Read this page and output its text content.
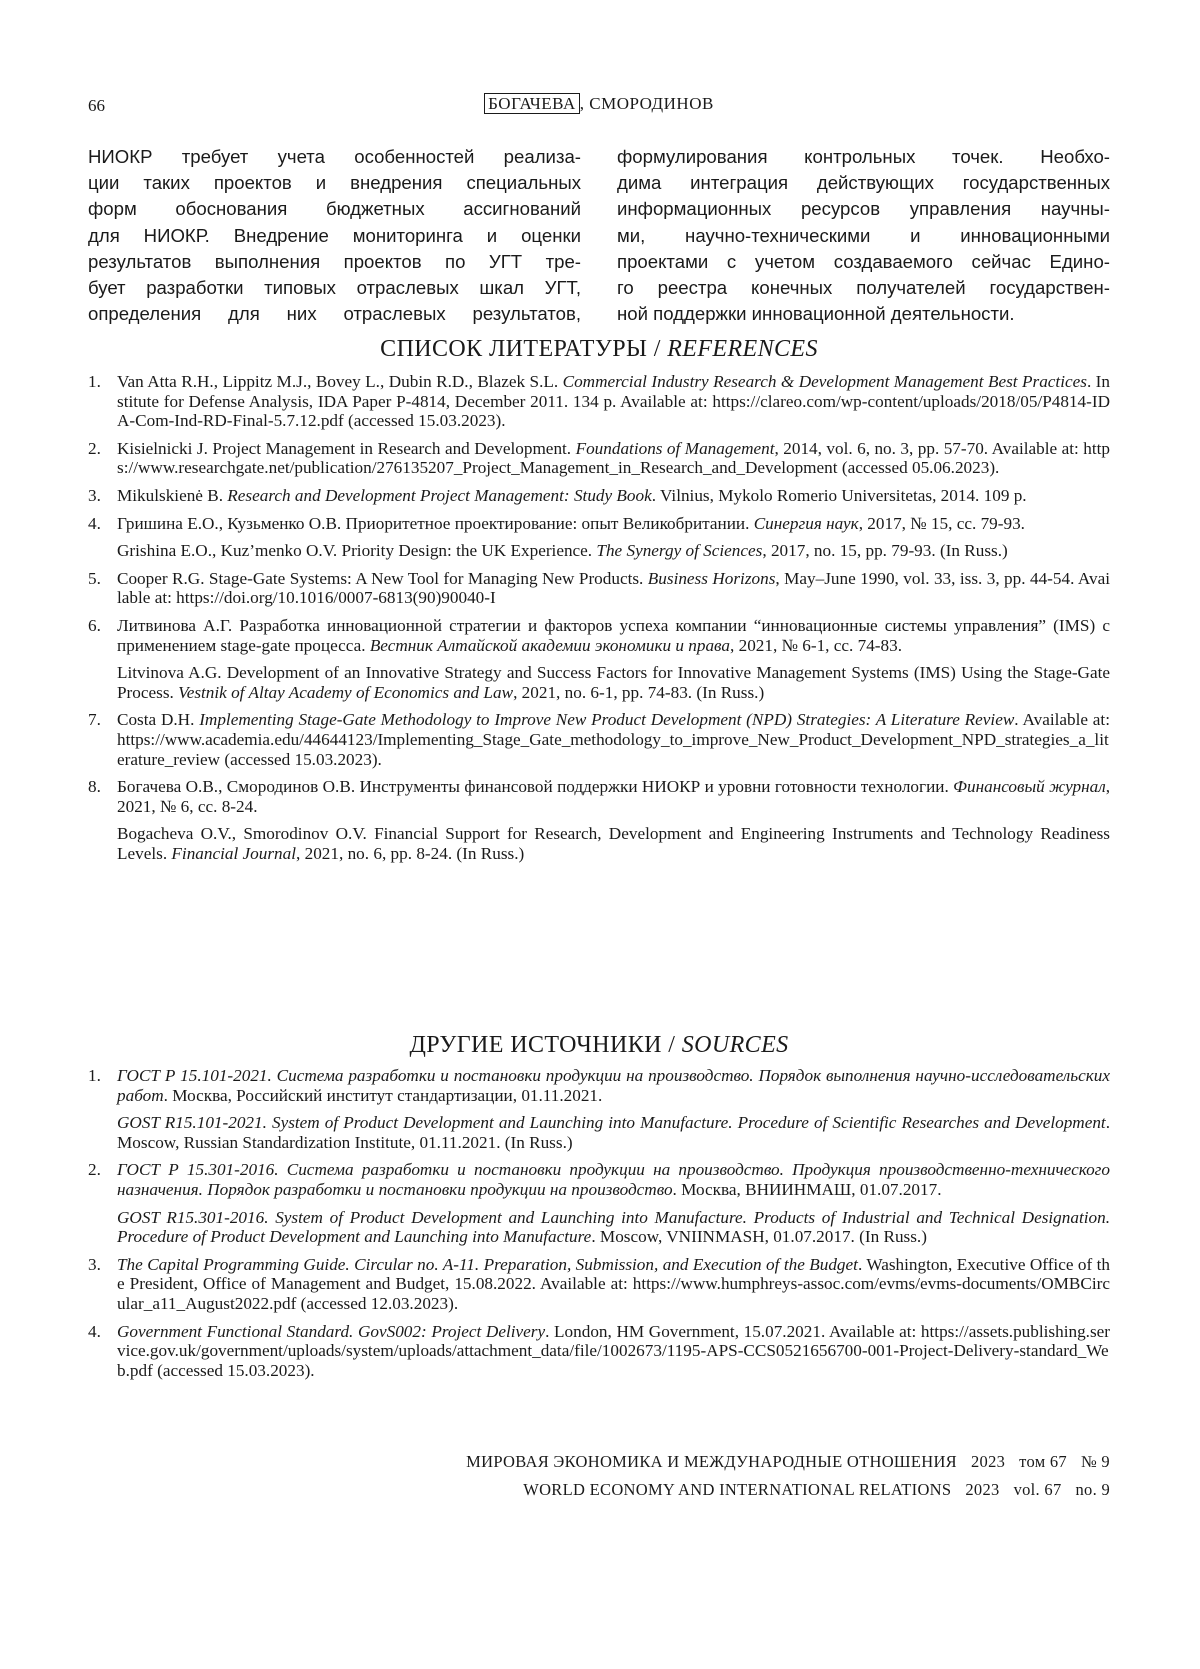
66	БОГАЧЕВА , СМОРОДИНОВ
НИОКР требует учета особенностей реализа-
ции таких проектов и внедрения специальных
форм обоснования бюджетных ассигнований
для НИОКР. Внедрение мониторинга и оценки
результатов выполнения проектов по УГТ тре-
бует разработки типовых отраслевых шкал УГТ,
определения для них отраслевых результатов,
формулирования контрольных точек. Необхо-
дима интеграция действующих государственных
информационных ресурсов управления научны-
ми, научно-техническими и инновационными
проектами с учетом создаваемого сейчас Едино-
го реестра конечных получателей государствен-
ной поддержки инновационной деятельности.
СПИСОК ЛИТЕРАТУРЫ / REFERENCES
1. Van Atta R.H., Lippitz M.J., Bovey L., Dubin R.D., Blazek S.L. Commercial Industry Research & Development Management Best Practices. Institute for Defense Analysis, IDA Paper P-4814, December 2011. 134 p. Available at: https://clareo.com/wp-content/uploads/2018/05/P4814-IDA-Com-Ind-RD-Final-5.7.12.pdf (accessed 15.03.2023).
2. Kisielnicki J. Project Management in Research and Development. Foundations of Management, 2014, vol. 6, no. 3, pp. 57-70. Available at: https://www.researchgate.net/publication/276135207_Project_Management_in_Research_and_Development (accessed 05.06.2023).
3. Mikulskienė B. Research and Development Project Management: Study Book. Vilnius, Mykolo Romerio Universitetas, 2014. 109 p.
4. Гришина Е.О., Кузьменко О.В. Приоритетное проектирование: опыт Великобритании. Синергия наук, 2017, № 15, сс. 79-93.
Grishina E.O., Kuz’menko O.V. Priority Design: the UK Experience. The Synergy of Sciences, 2017, no. 15, pp. 79-93. (In Russ.)
5. Cooper R.G. Stage-Gate Systems: A New Tool for Managing New Products. Business Horizons, May–June 1990, vol. 33, iss. 3, pp. 44-54. Available at: https://doi.org/10.1016/0007-6813(90)90040-I
6. Литвинова А.Г. Разработка инновационной стратегии и факторов успеха компании “инновационные системы управления” (IMS) с применением stage-gate процесса. Вестник Алтайской академии экономики и права, 2021, № 6-1, сс. 74-83.
Litvinova A.G. Development of an Innovative Strategy and Success Factors for Innovative Management Systems (IMS) Using the Stage-Gate Process. Vestnik of Altay Academy of Economics and Law, 2021, no. 6-1, pp. 74-83. (In Russ.)
7. Costa D.H. Implementing Stage-Gate Methodology to Improve New Product Development (NPD) Strategies: A Literature Review. Available at: https://www.academia.edu/44644123/Implementing_Stage_Gate_methodology_to_improve_New_Product_Development_NPD_strategies_a_literature_review (accessed 15.03.2023).
8. Богачева О.В., Смородинов О.В. Инструменты финансовой поддержки НИОКР и уровни готовности технологии. Финансовый журнал, 2021, № 6, сс. 8-24.
Bogacheva O.V., Smorodinov O.V. Financial Support for Research, Development and Engineering Instruments and Technology Readiness Levels. Financial Journal, 2021, no. 6, pp. 8-24. (In Russ.)
ДРУГИЕ ИСТОЧНИКИ / SOURCES
1. ГОСТ Р 15.101-2021. Система разработки и постановки продукции на производство. Порядок выполнения научно-исследовательских работ. Москва, Российский институт стандартизации, 01.11.2021.
GOST R15.101-2021. System of Product Development and Launching into Manufacture. Procedure of Scientific Researches and Development. Moscow, Russian Standardization Institute, 01.11.2021. (In Russ.)
2. ГОСТ Р 15.301-2016. Система разработки и постановки продукции на производство. Продукция производственно-технического назначения. Порядок разработки и постановки продукции на производство. Москва, ВНИИНМАШ, 01.07.2017.
GOST R15.301-2016. System of Product Development and Launching into Manufacture. Products of Industrial and Technical Designation. Procedure of Product Development and Launching into Manufacture. Moscow, VNIINMASH, 01.07.2017. (In Russ.)
3. The Capital Programming Guide. Circular no. A-11. Preparation, Submission, and Execution of the Budget. Washington, Executive Office of the President, Office of Management and Budget, 15.08.2022. Available at: https://www.humphreys-assoc.com/evms/evms-documents/OMBCircular_a11_August2022.pdf (accessed 12.03.2023).
4. Government Functional Standard. GovS002: Project Delivery. London, HM Government, 15.07.2021. Available at: https://assets.publishing.service.gov.uk/government/uploads/system/uploads/attachment_data/file/1002673/1195-APS-CCS0521656700-001-Project-Delivery-standard_Web.pdf (accessed 15.03.2023).
МИРОВАЯ ЭКОНОМИКА И МЕЖДУНАРОДНЫЕ ОТНОШЕНИЯ 2023 том 67 № 9
WORLD ECONOMY AND INTERNATIONAL RELATIONS 2023 vol. 67 no. 9
